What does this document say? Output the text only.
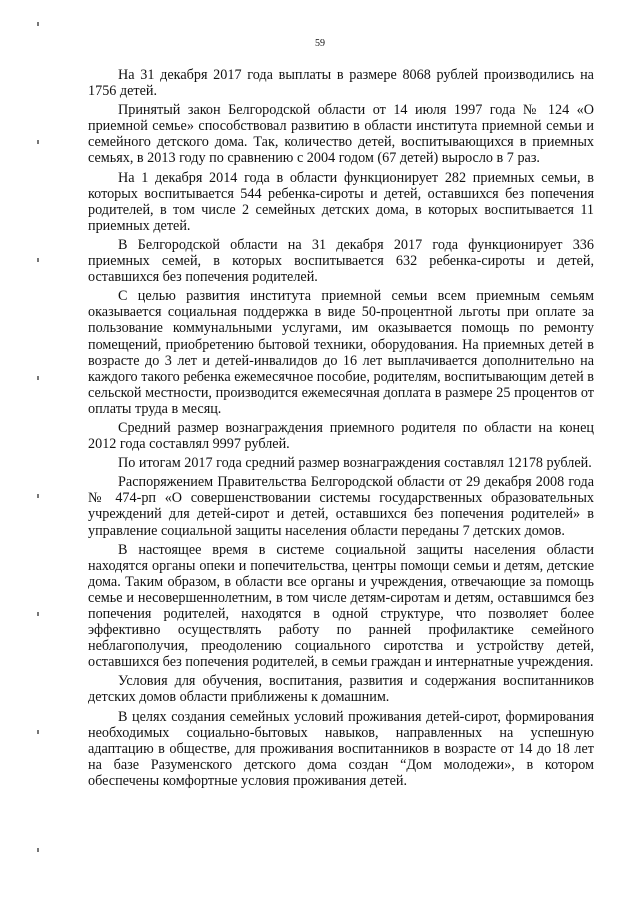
59

На 31 декабря 2017 года выплаты в размере 8068 рублей производились на 1756 детей.

Принятый закон Белгородской области от 14 июля 1997 года № 124 «О приемной семье» способствовал развитию в области института приемной семьи и семейного детского дома. Так, количество детей, воспитывающихся в приемных семьях, в 2013 году по сравнению с 2004 годом (67 детей) выросло в 7 раз.

На 1 декабря 2014 года в области функционирует 282 приемных семьи, в которых воспитывается 544 ребенка-сироты и детей, оставшихся без попечения родителей, в том числе 2 семейных детских дома, в которых воспитывается 11 приемных детей.

В Белгородской области на 31 декабря 2017 года функционирует 336 приемных семей, в которых воспитывается 632 ребенка-сироты и детей, оставшихся без попечения родителей.

С целью развития института приемной семьи всем приемным семьям оказывается социальная поддержка в виде 50-процентной льготы при оплате за пользование коммунальными услугами, им оказывается помощь по ремонту помещений, приобретению бытовой техники, оборудования. На приемных детей в возрасте до 3 лет и детей-инвалидов до 16 лет выплачивается дополнительно на каждого такого ребенка ежемесячное пособие, родителям, воспитывающим детей в сельской местности, производится ежемесячная доплата в размере 25 процентов от оплаты труда в месяц.

Средний размер вознаграждения приемного родителя по области на конец 2012 года составлял 9997 рублей.

По итогам 2017 года средний размер вознаграждения составлял 12178 рублей.

Распоряжением Правительства Белгородской области от 29 декабря 2008 года № 474-рп «О совершенствовании системы государственных образовательных учреждений для детей-сирот и детей, оставшихся без попечения родителей» в управление социальной защиты населения области переданы 7 детских домов.

В настоящее время в системе социальной защиты населения области находятся органы опеки и попечительства, центры помощи семьи и детям, детские дома. Таким образом, в области все органы и учреждения, отвечающие за помощь семье и несовершеннолетним, в том числе детям-сиротам и детям, оставшимся без попечения родителей, находятся в одной структуре, что позволяет более эффективно осуществлять работу по ранней профилактике семейного неблагополучия, преодолению социального сиротства и устройству детей, оставшихся без попечения родителей, в семьи граждан и интернатные учреждения.

Условия для обучения, воспитания, развития и содержания воспитанников детских домов области приближены к домашним.

В целях создания семейных условий проживания детей-сирот, формирования необходимых социально-бытовых навыков, направленных на успешную адаптацию в обществе, для проживания воспитанников в возрасте от 14 до 18 лет на базе Разуменского детского дома создан “Дом молодежи», в котором обеспечены комфортные условия проживания детей.
